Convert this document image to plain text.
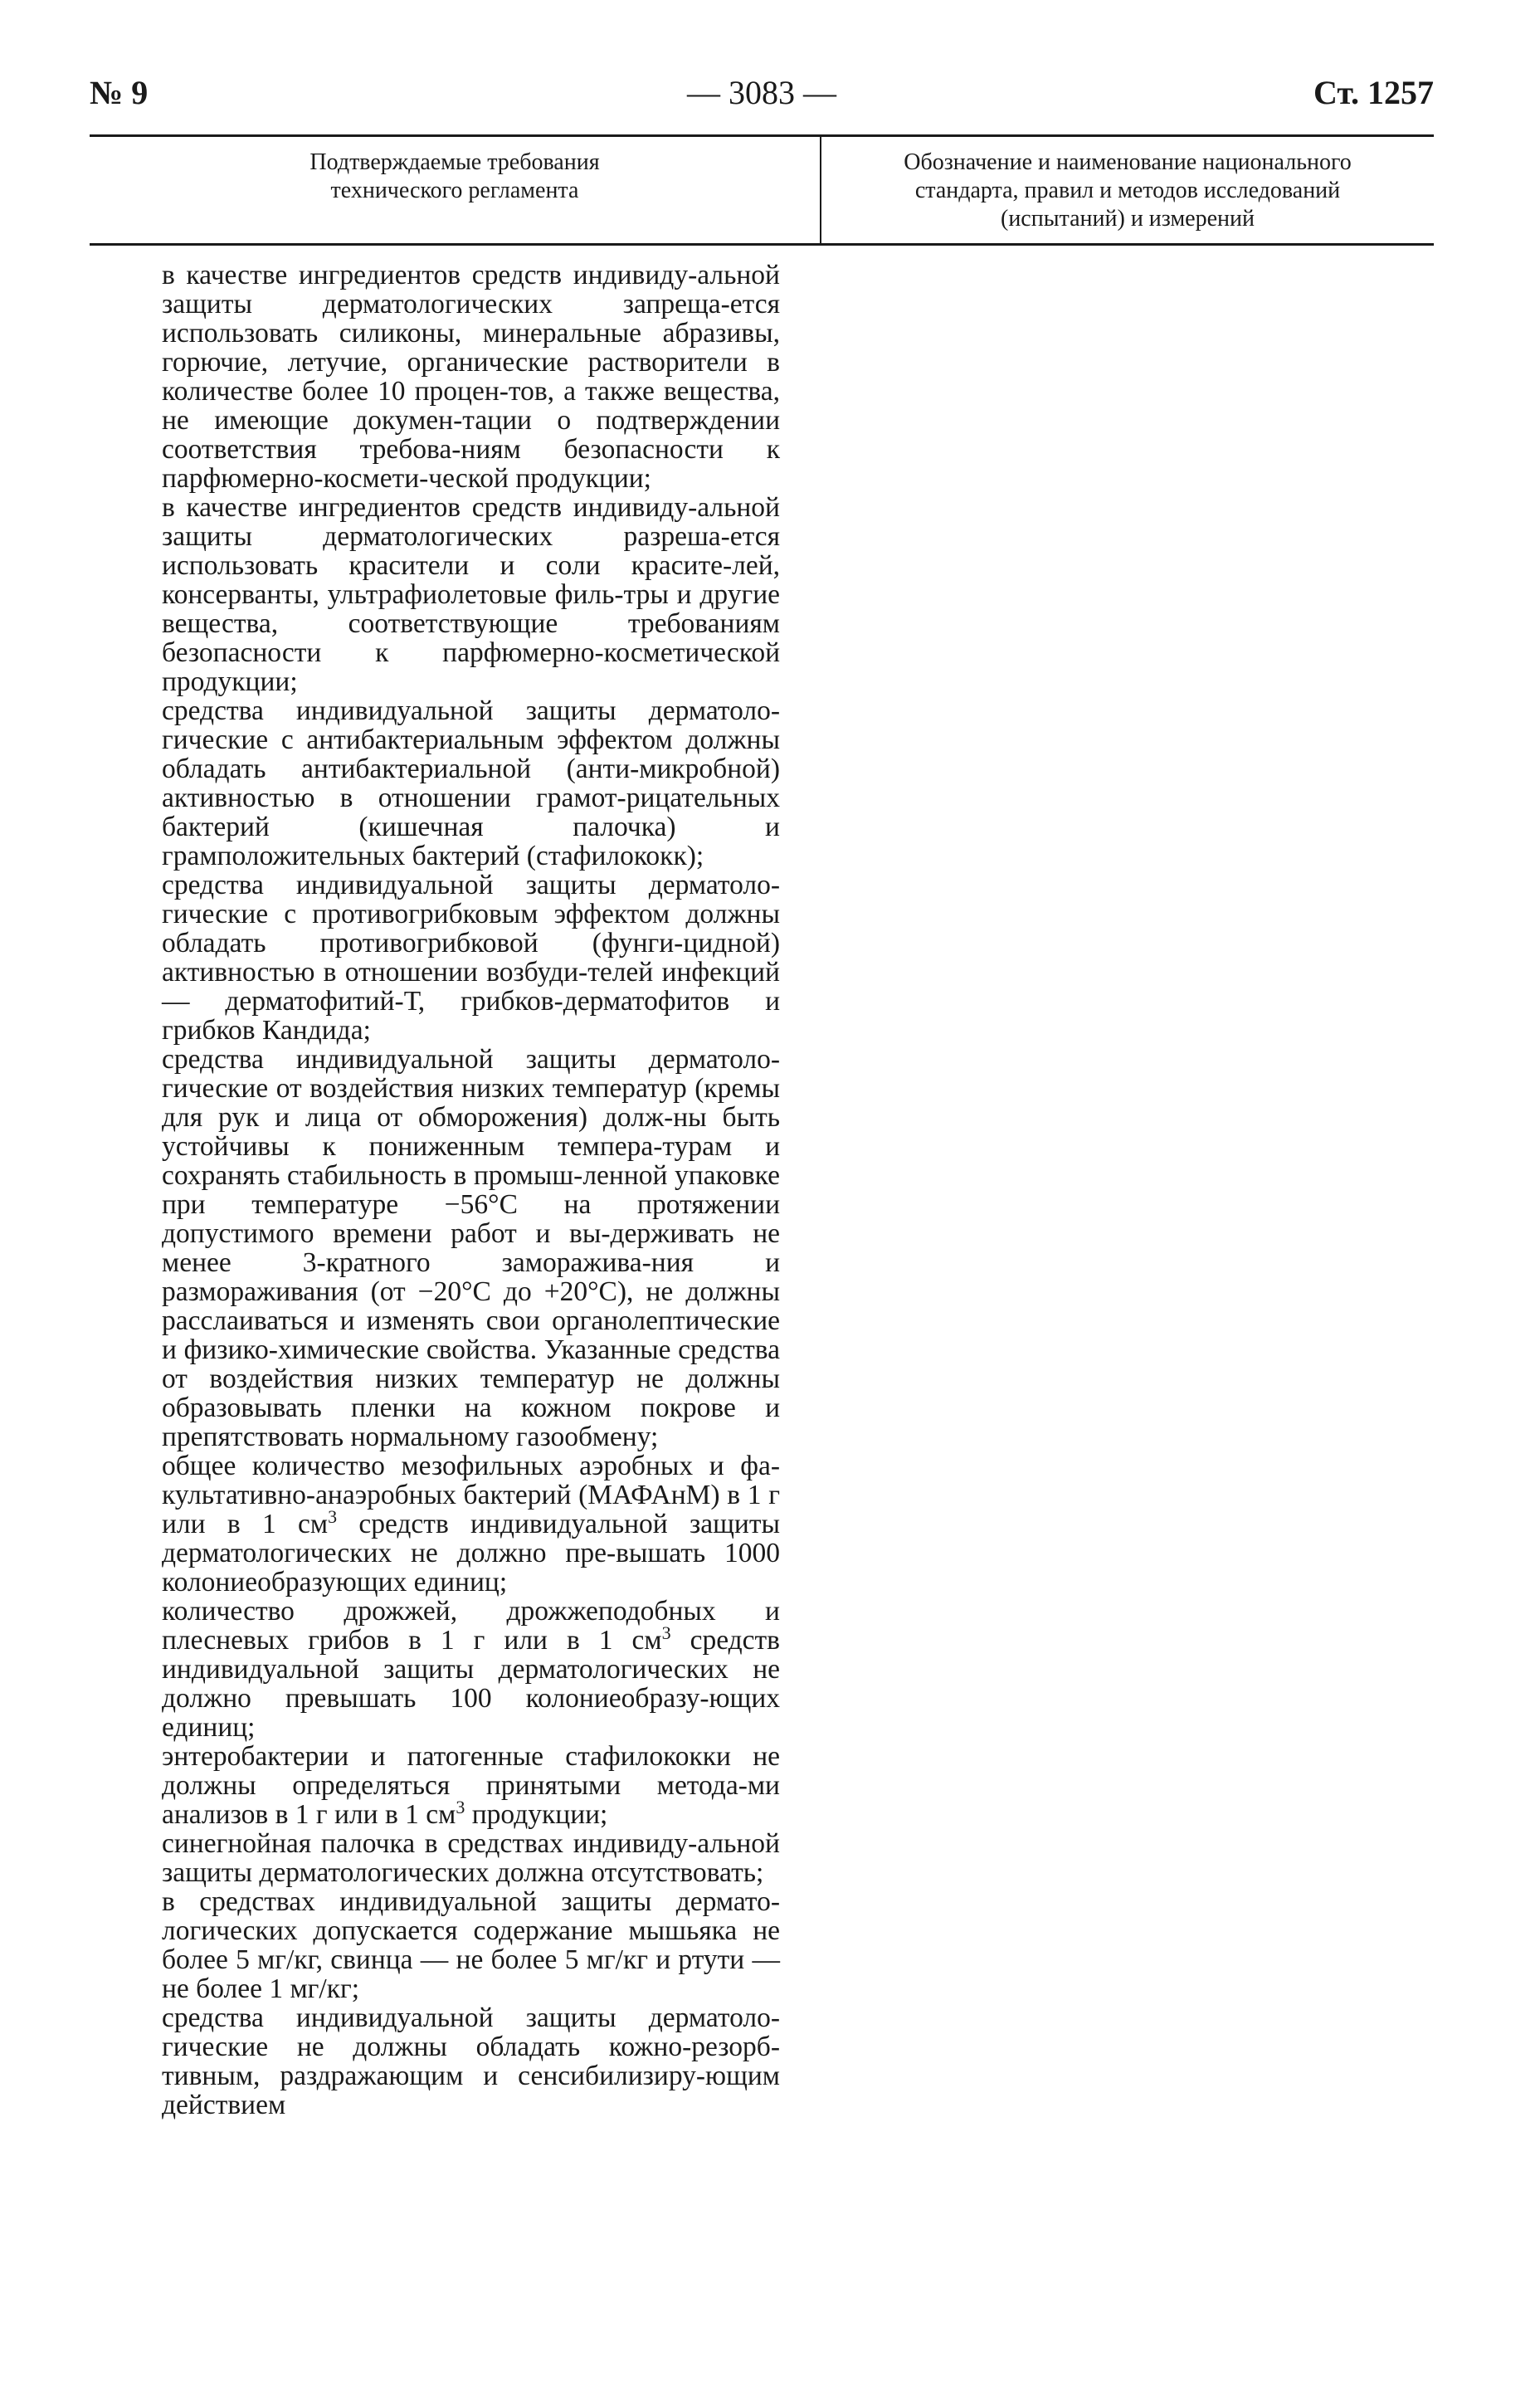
№ 9	— 3083 —	Ст. 1257
Подтверждаемые требования
технического регламента
Обозначение и наименование национального
стандарта, правил и методов исследований
(испытаний) и измерений

в качестве ингредиентов средств индивиду-альной защиты дерматологических запреща-ется использовать силиконы, минеральные абразивы, горючие, летучие, органические растворители в количестве более 10 процен-тов, а также вещества, не имеющие докумен-тации о подтверждении соответствия требова-ниям безопасности к парфюмерно-космети-ческой продукции;

в качестве ингредиентов средств индивиду-альной защиты дерматологических разреша-ется использовать красители и соли красите-лей, консерванты, ультрафиолетовые филь-тры и другие вещества, соответствующие требованиям безопасности к парфюмерно-косметической продукции;

средства индивидуальной защиты дерматоло-гические с антибактериальным эффектом должны обладать антибактериальной (анти-микробной) активностью в отношении грамот-рицательных бактерий (кишечная палочка) и грамположительных бактерий (стафилококк);

средства индивидуальной защиты дерматоло-гические с противогрибковым эффектом должны обладать противогрибковой (фунги-цидной) активностью в отношении возбуди-телей инфекций — дерматофитий-Т, грибков-дерматофитов и грибков Кандида;

средства индивидуальной защиты дерматоло-гические от воздействия низких температур (кремы для рук и лица от обморожения) долж-ны быть устойчивы к пониженным темпера-турам и сохранять стабильность в промыш-ленной упаковке при температуре −56°С на протяжении допустимого времени работ и вы-держивать не менее 3-кратного заморажива-ния и размораживания (от −20°С до +20°С), не должны расслаиваться и изменять свои органолептические и физико-химические свойства. Указанные средства от воздействия низких температур не должны образовывать пленки на кожном покрове и препятствовать нормальному газообмену;

общее количество мезофильных аэробных и фа-культативно-анаэробных бактерий (МАФАнМ) в 1 г или в 1 $см^3$ средств индивидуальной защиты дерматологических не должно пре-вышать 1000 колониеобразующих единиц;

количество дрожжей, дрожжеподобных и плесневых грибов в 1 г или в 1 $см^3$ средств индивидуальной защиты дерматологических не должно превышать 100 колониеобразу-ющих единиц;

энтеробактерии и патогенные стафилококки не должны определяться принятыми метода-ми анализов в 1 г или в 1 $см^3$ продукции;

синегнойная палочка в средствах индивиду-альной защиты дерматологических должна отсутствовать;

в средствах индивидуальной защиты дермато-логических допускается содержание мышьяка не более 5 мг/кг, свинца — не более 5 мг/кг и ртути — не более 1 мг/кг;

средства индивидуальной защиты дерматоло-гические не должны обладать кожно-резорб-тивным, раздражающим и сенсибилизиру-ющим действием
